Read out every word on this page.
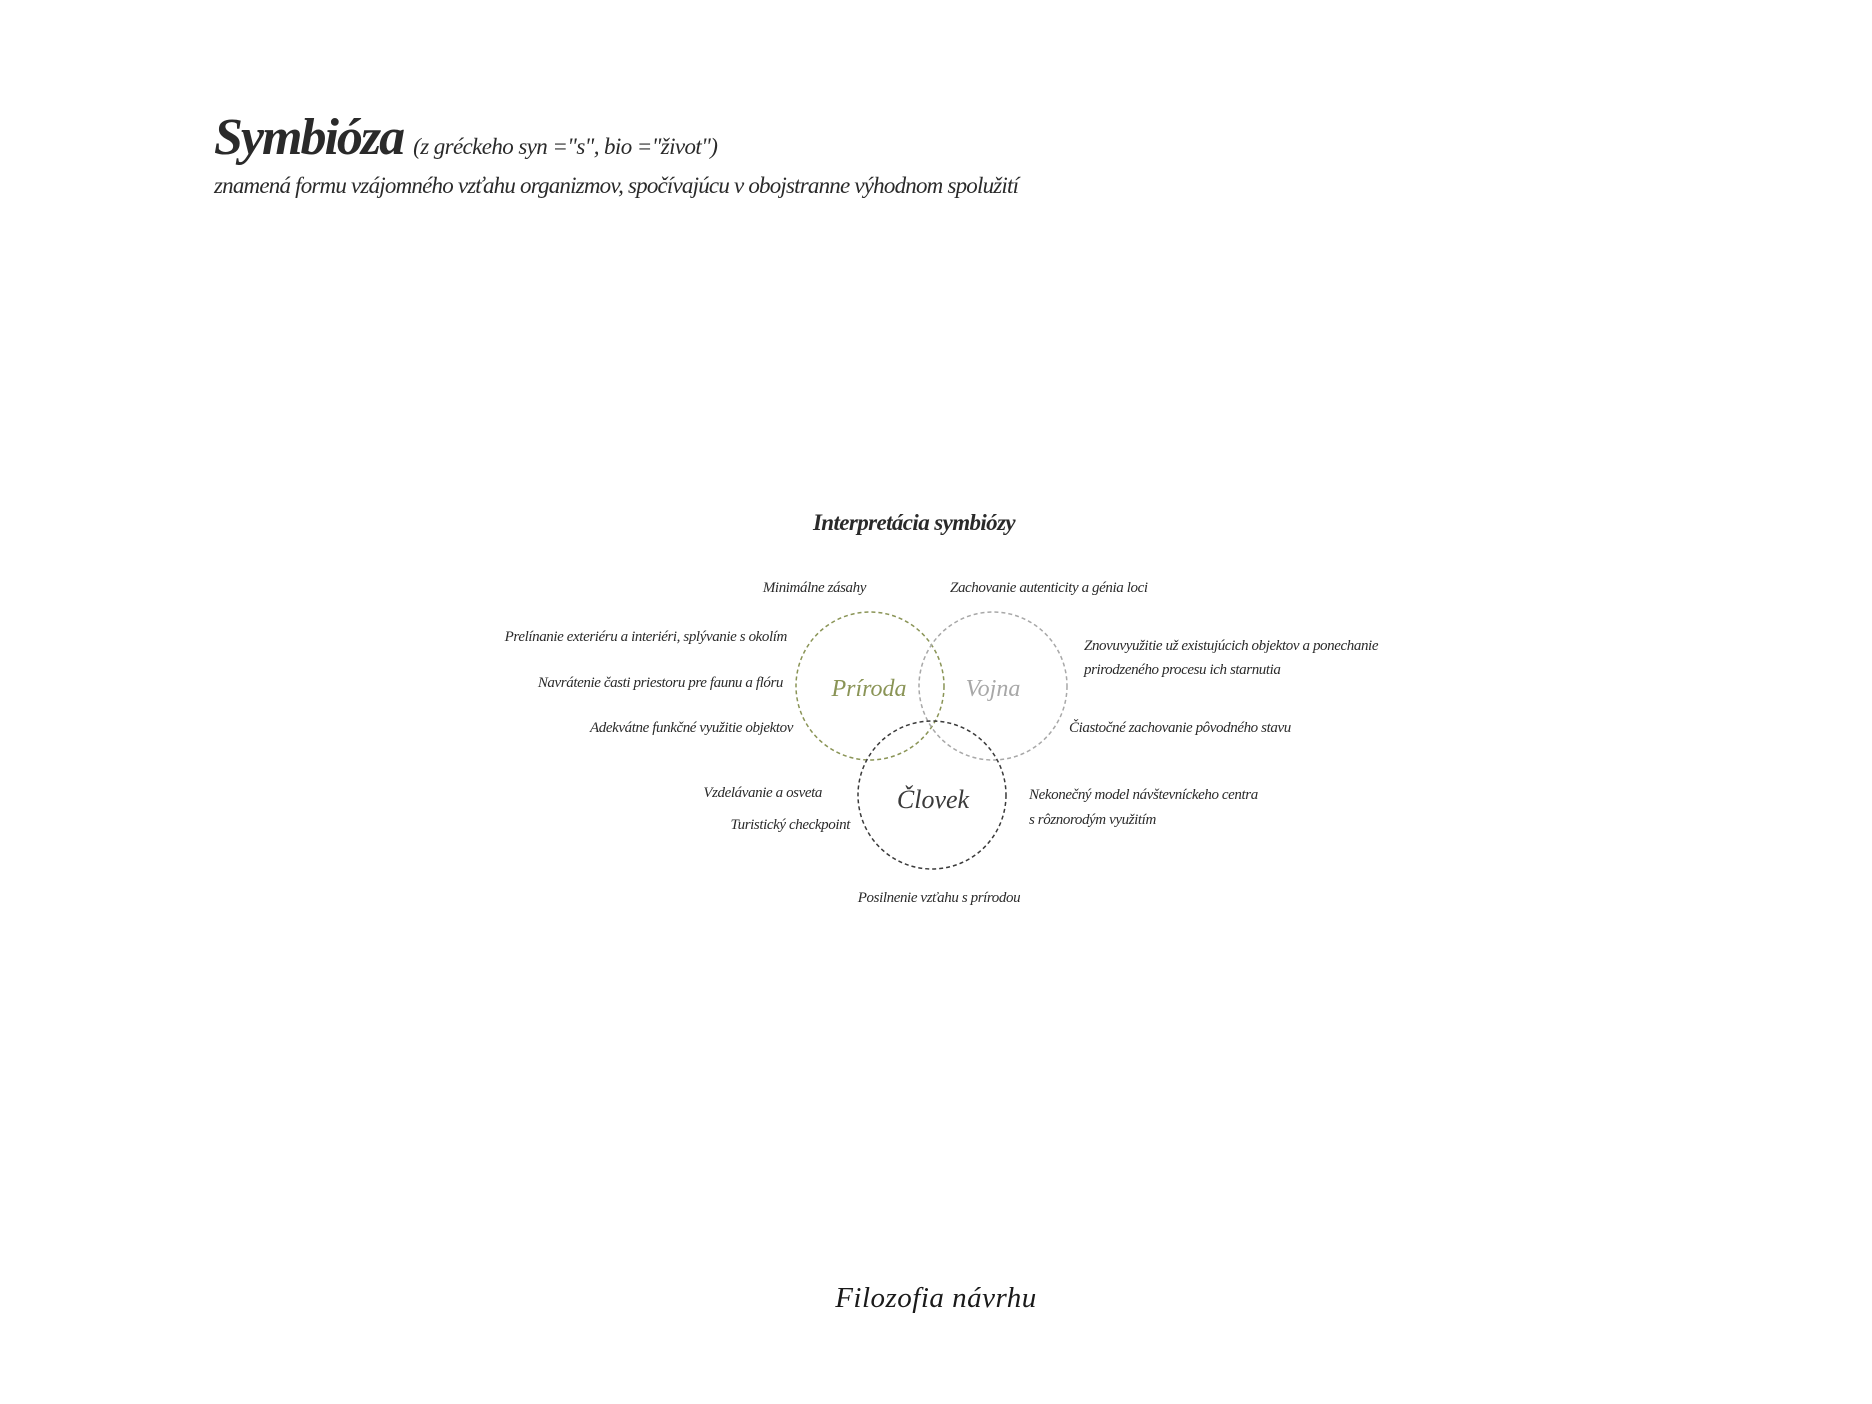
Symbióza (z gréckeho syn ="s", bio ="život")
znamená formu vzájomného vzťahu organizmov, spočívajúcu v obojstranne výhodnom spolužití
Interpretácia symbiózy
Príroda Vojna
Človek
Minimálne zásahy	Zachovanie autenticity a génia loci
Prelínanie exteriéru a interiéri, splývanie s okolím
Znovuvyužitie už existujúcich objektov a ponechanie
prirodzeného procesu ich starnutia
Navrátenie časti priestoru pre faunu a flóru
Adekvátne funkčné využitie objektov	Čiastočné zachovanie pôvodného stavu
Vzdelávanie a osveta
Turistický checkpoint
Nekonečný model návštevníckeho centra
s rôznorodým využitím
Posilnenie vzťahu s prírodou
Filozofia návrhu
